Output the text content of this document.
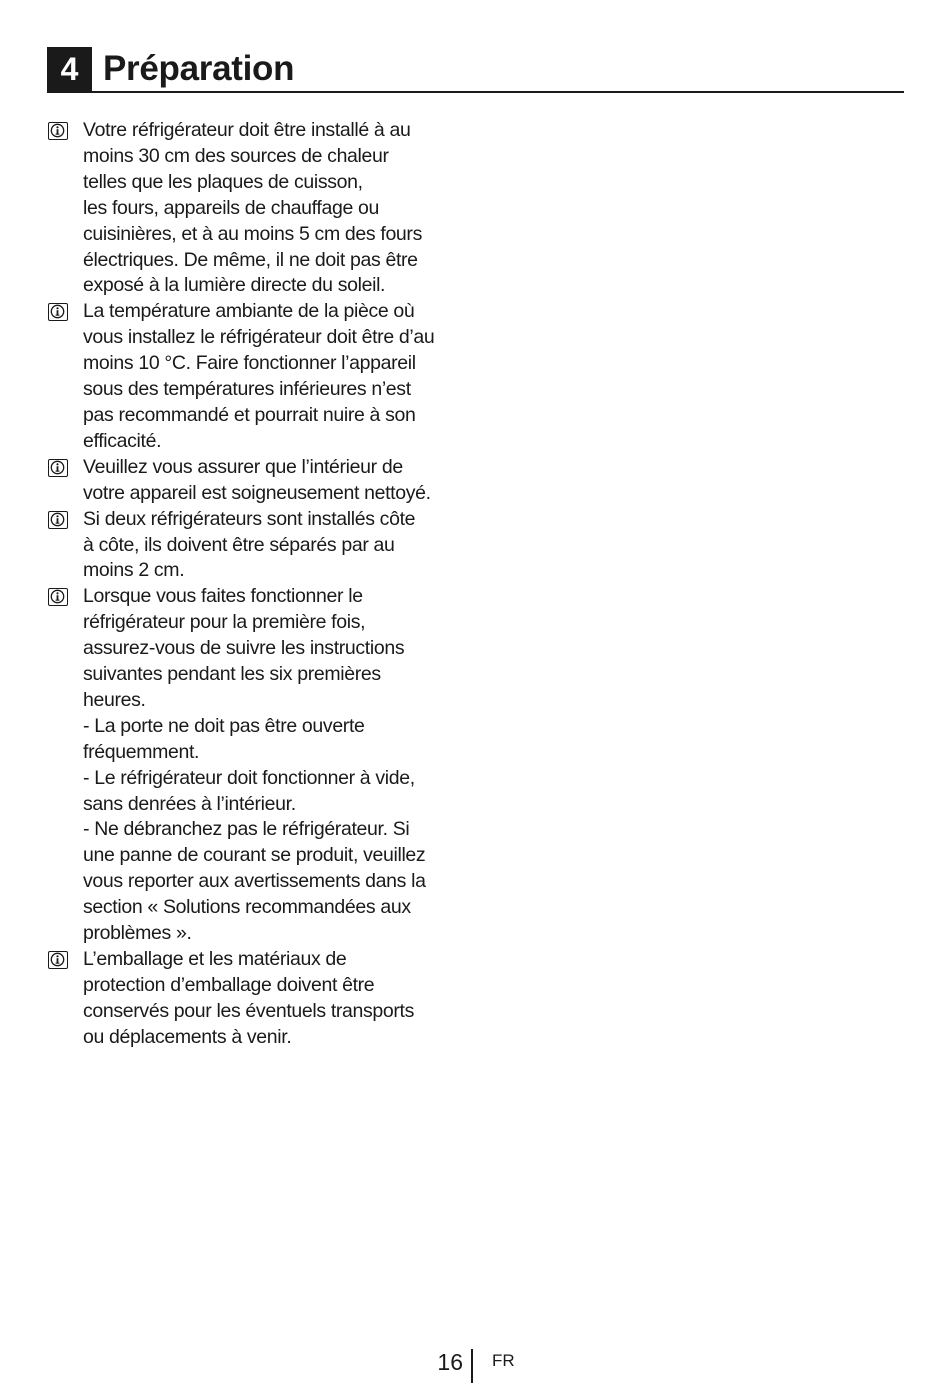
4 Préparation
Votre réfrigérateur doit être installé à au
moins 30 cm des sources de chaleur
telles que les plaques de cuisson,
les fours, appareils de chauffage ou
cuisinières, et à au moins 5 cm des fours
électriques. De même, il ne doit pas être
exposé à la lumière directe du soleil.
La température ambiante de la pièce où
vous installez le réfrigérateur doit être d’au
moins 10 °C. Faire fonctionner l’appareil
sous des températures inférieures n’est
pas recommandé et pourrait nuire à son
efficacité.
Veuillez vous assurer que l’intérieur de
votre appareil est soigneusement nettoyé.
Si deux réfrigérateurs sont installés côte
à côte, ils doivent être séparés par au
moins 2 cm.
Lorsque vous faites fonctionner le
réfrigérateur pour la première fois,
assurez-vous de suivre les instructions
suivantes pendant les six premières
heures.
- La porte ne doit pas être ouverte
fréquemment.
- Le réfrigérateur doit fonctionner à vide,
sans denrées à l’intérieur.
- Ne débranchez pas le réfrigérateur. Si
une panne de courant se produit, veuillez
vous reporter aux avertissements dans la
section « Solutions recommandées aux
problèmes ».
L’emballage et les matériaux de
protection d’emballage doivent être
conservés pour les éventuels transports
ou déplacements à venir.
16 FR
